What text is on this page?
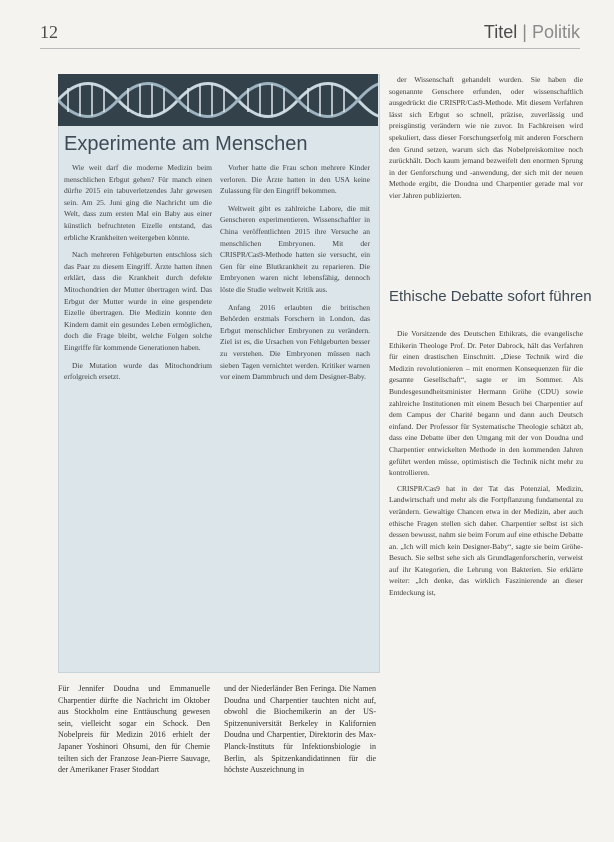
12	Titel | Politik
Experimente am Menschen

Wie weit darf die moderne Medizin beim menschlichen Erbgut gehen? Für manch einen dürfte 2015 ein tabuverletzendes Jahr gewesen sein. Am 25. Juni ging die Nachricht um die Welt, dass zum ersten Mal ein Baby aus einer künstlich befruchteten Eizelle entstand, das erbliche Krankheiten weitergeben könnte.

Nach mehreren Fehlgeburten entschloss sich das Paar zu diesem Eingriff. Ärzte hatten ihnen erklärt, dass die Krankheit durch defekte Mitochondrien der Mutter übertragen wird. Das Erbgut der Mutter wurde in eine gespendete Eizelle übertragen. Die Medizin konnte den Kindern damit ein gesundes Leben ermöglichen, doch die Frage bleibt, welche Folgen solche Eingriffe für kommende Generationen haben.

Die Mutation wurde das Mitochondrium erfolgreich ersetzt.

Vorher hatte die Frau schon mehrere Kinder verloren. Die Ärzte hatten in den USA keine Zulassung für den Eingriff bekommen.

Weltweit gibt es zahlreiche Labore, die mit Genscheren experimentieren. Wissenschaftler in China veröffentlichten 2015 ihre Versuche an menschlichen Embryonen. Mit der CRISPR/Cas9-Methode hatten sie versucht, ein Gen für eine Blutkrankheit zu reparieren. Die Embryonen waren nicht lebensfähig, dennoch löste die Studie weltweit Kritik aus.

Anfang 2016 erlaubten die britischen Behörden erstmals Forschern in London, das Erbgut menschlicher Embryonen zu verändern. Ziel ist es, die Ursachen von Fehlgeburten besser zu verstehen. Die Embryonen müssen nach sieben Tagen vernichtet werden. Kritiker warnen vor einem Dammbruch und dem Designer-Baby.

der Wissenschaft gehandelt wurden. Sie haben die sogenannte Genschere erfunden, oder wissenschaftlich ausgedrückt die CRISPR/Cas9-Methode. Mit diesem Verfahren lässt sich Erbgut so schnell, präzise, zuverlässig und preisgünstig verändern wie nie zuvor. In Fachkreisen wird spekuliert, dass dieser Forschungserfolg mit anderen Forschern den Grund setzen, warum sich das Nobelpreiskomitee noch zurückhält. Doch kaum jemand bezweifelt den enormen Sprung in der Genforschung und -anwendung, der sich mit der neuen Methode ergibt, die Doudna und Charpentier gerade mal vor vier Jahren publizierten.

Ethische Debatte sofort führen

Die Vorsitzende des Deutschen Ethikrats, die evangelische Ethikerin Theologe Prof. Dr. Peter Dabrock, hält das Verfahren für einen drastischen Einschnitt. „Diese Technik wird die Medizin revolutionieren – mit enormen Konsequenzen für die gesamte Gesellschaft“, sagte er im Sommer. Als Bundesgesundheitsminister Hermann Gröhe (CDU) sowie zahlreiche Institutionen mit einem Besuch bei Charpentier auf dem Campus der Charité begann und dann auch Deutsch einfand. Der Professor für Systematische Theologie schätzt ab, dass eine Debatte über den Umgang mit der von Doudna und Charpentier entwickelten Methode in den kommenden Jahren geführt werden müsse, optimistisch die Technik nicht mehr zu kontrollieren.

CRISPR/Cas9 hat in der Tat das Potenzial, Medizin, Landwirtschaft und mehr als die Fortpflanzung fundamental zu verändern. Gewaltige Chancen etwa in der Medizin, aber auch ethische Fragen stellen sich daher. Charpentier selbst ist sich dessen bewusst, nahm sie beim Forum auf eine ethische Debatte an. „Ich will mich kein Designer-Baby“, sagte sie beim Gröhe-Besuch. Sie selbst sehe sich als Grundlagenforscherin, verweist auf ihr Kategorien, die Lehrung von Bakterien. Sie erklärte weiter: „Ich denke, das wirklich Faszinierende an dieser Entdeckung ist,

Für Jennifer Doudna und Emmanuelle Charpentier dürfte die Nachricht im Oktober aus Stockholm eine Enttäuschung gewesen sein, vielleicht sogar ein Schock. Den Nobelpreis für Medizin 2016 erhielt der Japaner Yoshinori Ohsumi, den für Chemie teilten sich der Franzose Jean-Pierre Sauvage, der Amerikaner Fraser Stoddart

und der Niederländer Ben Feringa. Die Namen Doudna und Charpentier tauchten nicht auf, obwohl die Biochemikerin an der US-Spitzenuniversität Berkeley in Kalifornien Doudna und Charpentier, Direktorin des Max-Planck-Instituts für Infektionsbiologie in Berlin, als Spitzenkandidatinnen für die höchste Auszeichnung in
